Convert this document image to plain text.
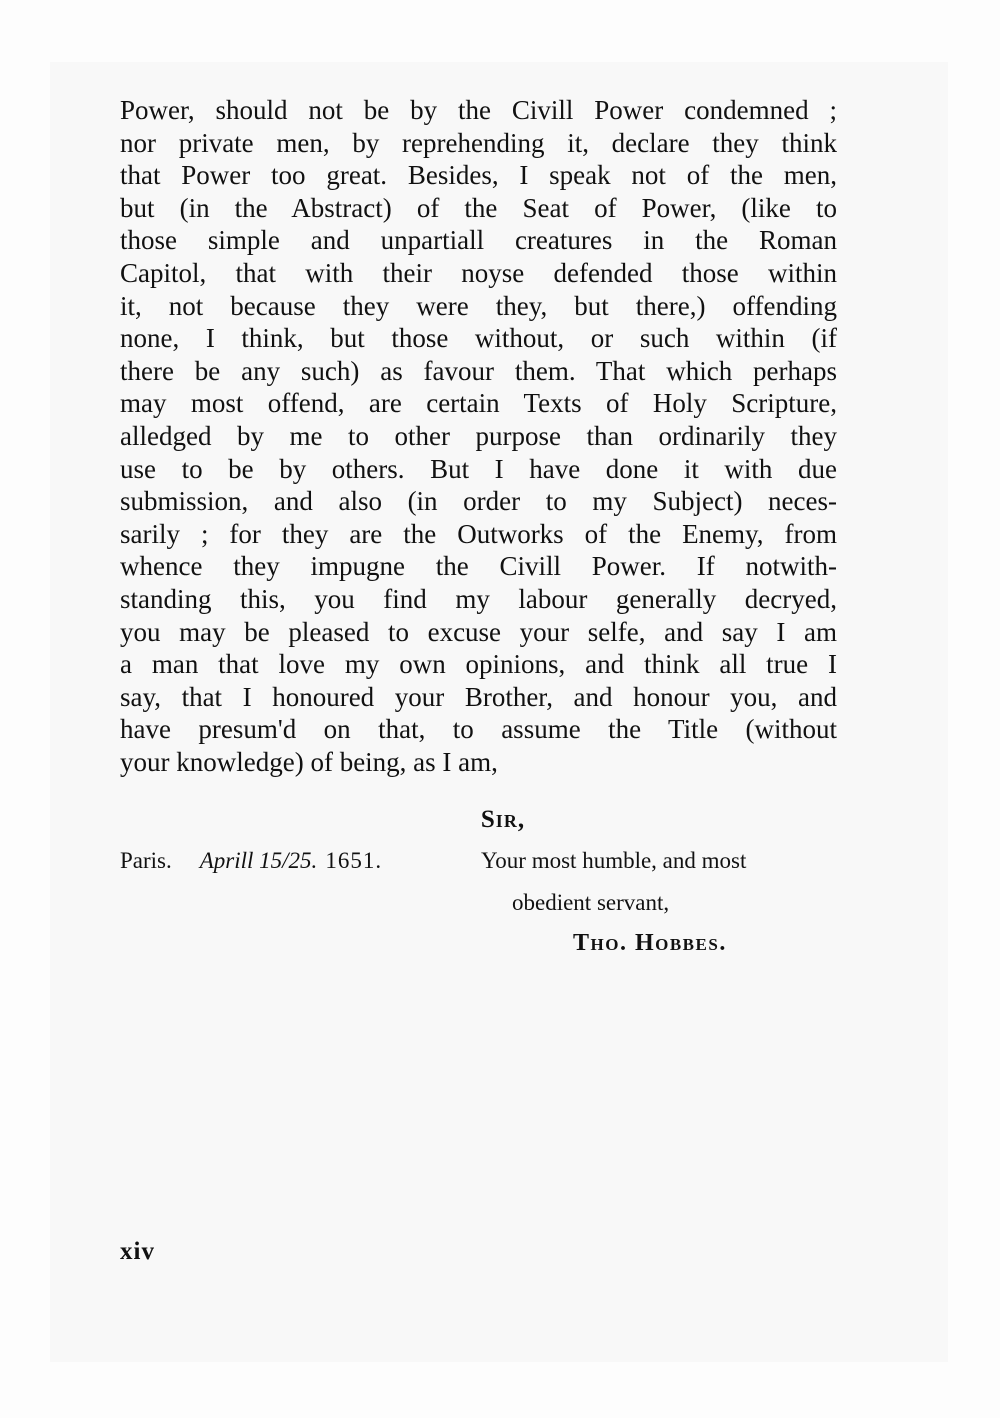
Power, should not be by the Civill Power condemned ;
nor private men, by reprehending it, declare they think
that Power too great. Besides, I speak not of the men,
but (in the Abstract) of the Seat of Power, (like to
those simple and unpartiall creatures in the Roman
Capitol, that with their noyse defended those within
it, not because they were they, but there,) offending
none, I think, but those without, or such within (if
there be any such) as favour them. That which perhaps
may most offend, are certain Texts of Holy Scripture,
alledged by me to other purpose than ordinarily they
use to be by others. But I have done it with due
submission, and also (in order to my Subject) neces-
sarily ; for they are the Outworks of the Enemy, from
whence they impugne the Civill Power. If notwith-
standing this, you find my labour generally decryed,
you may be pleased to excuse your selfe, and say I am
a man that love my own opinions, and think all true I
say, that I honoured your Brother, and honour you, and
have presum'd on that, to assume the Title (without
your knowledge) of being, as I am,
Sir,
Paris. Aprill 15/25. 1651.	Your most humble, and most
obedient servant,
Tho. Hobbes.
xiv
